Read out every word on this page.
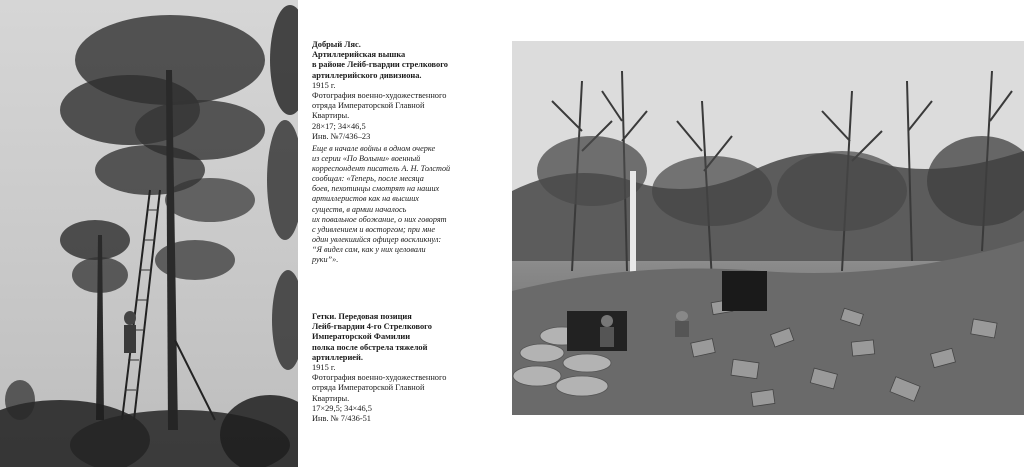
Добрый Ляс.
Артиллерийская вышка
в районе Лейб-гвардии стрелкового
артиллерийского дивизиона.
1915 г.
Фотография военно-художественного
отряда Императорской Главной
Квартиры.
28×17; 34×46,5
Инв. №7/436–23
Еще в начале войны в одном очерке
из серии «По Волыни» военный
корреспондент писатель А. Н. Толстой
сообщал: «Теперь, после месяца
боев, пехотинцы смотрят на наших
артиллеристов как на высших
существ, в армии началось
их повальное обожание, о них говорят
с удивлением и восторгом; при мне
один увлекшийся офицер воскликнул:
“Я видел сам, как у них целовали
руки”».
Гетки. Передовая позиция
Лейб-гвардии 4-го Стрелкового
Императорской Фамилии
полка после обстрела тяжелой
артиллерией.
1915 г.
Фотография военно-художественного
отряда Императорской Главной
Квартиры.
17×29,5; 34×46,5
Инв. № 7/436-51
